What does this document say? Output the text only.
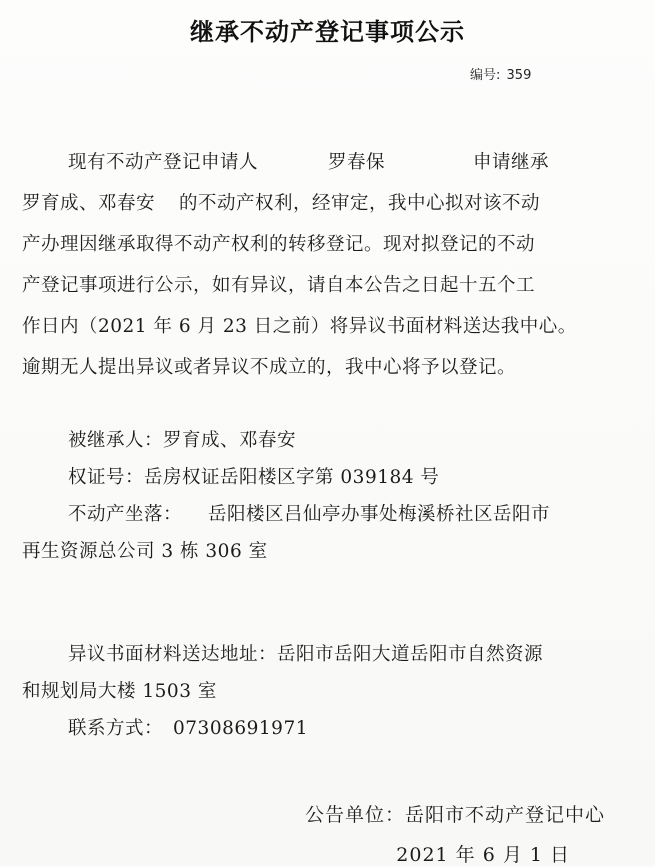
继承不动产登记事项公示
编号: 359
现有不动产登记申请人	罗春保	申请继承
罗育成、邓春安 的不动产权利，经审定，我中心拟对该不动
产办理因继承取得不动产权利的转移登记。现对拟登记的不动
产登记事项进行公示，如有异议，请自本公告之日起十五个工
作日内（2021 年 6 月 23 日之前）将异议书面材料送达我中心。
逾期无人提出异议或者异议不成立的，我中心将予以登记。
被继承人：罗育成、邓春安
权证号：岳房权证岳阳楼区字第 039184 号
不动产坐落： 岳阳楼区吕仙亭办事处梅溪桥社区岳阳市
再生资源总公司 3 栋 306 室
异议书面材料送达地址：岳阳市岳阳大道岳阳市自然资源
和规划局大楼 1503 室
联系方式： 07308691971
公告单位：岳阳市不动产登记中心
2021 年 6 月 1 日
